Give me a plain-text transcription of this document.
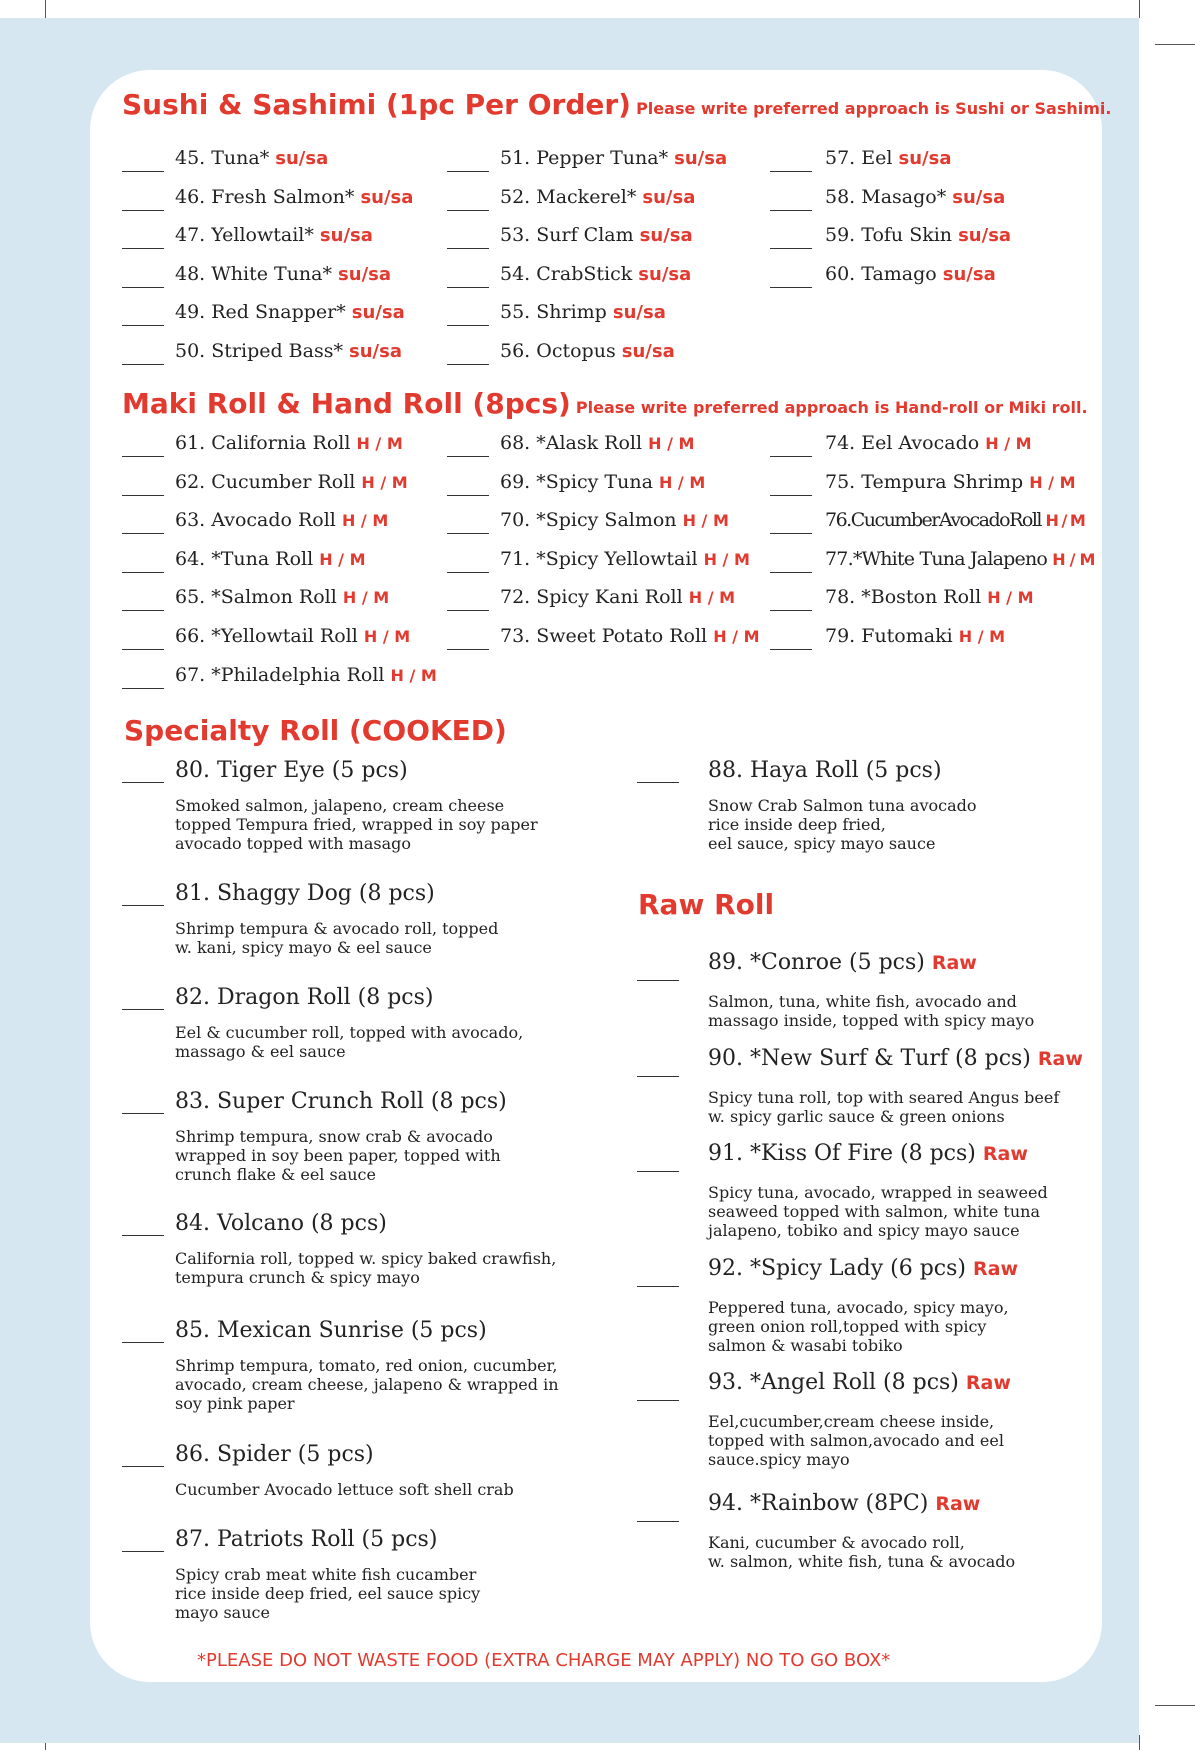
Sushi & Sashimi (1pc Per Order) Please write preferred approach is Sushi or Sashimi.
Maki Roll & Hand Roll (8pcs) Please write preferred approach is Hand-roll or Miki roll.
Specialty Roll (COOKED)
Raw Roll
*PLEASE DO NOT WASTE FOOD (EXTRA CHARGE MAY APPLY) NO TO GO BOX*
45. Tuna* su/sa
46. Fresh Salmon* su/sa
47. Yellowtail* su/sa
48. White Tuna* su/sa
49. Red Snapper* su/sa
50. Striped Bass* su/sa
51. Pepper Tuna* su/sa
52. Mackerel* su/sa
53. Surf Clam su/sa
54. CrabStick su/sa
55. Shrimp su/sa
56. Octopus su/sa
57. Eel su/sa
58. Masago* su/sa
59. Tofu Skin su/sa
60. Tamago su/sa
61. California Roll H / M
62. Cucumber Roll H / M
63. Avocado Roll H / M
64. *Tuna Roll H / M
65. *Salmon Roll H / M
66. *Yellowtail Roll H / M
67. *Philadelphia Roll H / M
68. *Alask Roll H / M
69. *Spicy Tuna H / M
70. *Spicy Salmon H / M
71. *Spicy Yellowtail H / M
72. Spicy Kani Roll H / M
73. Sweet Potato Roll H / M
74. Eel Avocado H / M
75. Tempura Shrimp H / M
76.CucumberAvocadoRoll H / M
77.*White Tuna Jalapeno H / M
78. *Boston Roll H / M
79. Futomaki H / M
80. Tiger Eye (5 pcs)
Smoked salmon, jalapeno, cream cheese
topped Tempura fried, wrapped in soy paper
avocado topped with masago
81. Shaggy Dog (8 pcs)
Shrimp tempura & avocado roll, topped
w. kani, spicy mayo & eel sauce
82. Dragon Roll (8 pcs)
Eel & cucumber roll, topped with avocado,
massago & eel sauce
83. Super Crunch Roll (8 pcs)
Shrimp tempura, snow crab & avocado
wrapped in soy been paper, topped with
crunch flake & eel sauce
84. Volcano (8 pcs)
California roll, topped w. spicy baked crawfish,
tempura crunch & spicy mayo
85. Mexican Sunrise (5 pcs)
Shrimp tempura, tomato, red onion, cucumber,
avocado, cream cheese, jalapeno & wrapped in
soy pink paper
86. Spider (5 pcs)
Cucumber Avocado lettuce soft shell crab
87. Patriots Roll (5 pcs)
Spicy crab meat white fish cucamber
rice inside deep fried, eel sauce spicy
mayo sauce
88. Haya Roll (5 pcs)
Snow Crab Salmon tuna avocado
rice inside deep fried,
eel sauce, spicy mayo sauce
89. *Conroe (5 pcs) Raw
Salmon, tuna, white fish, avocado and
massago inside, topped with spicy mayo
90. *New Surf & Turf (8 pcs) Raw
Spicy tuna roll, top with seared Angus beef
w. spicy garlic sauce & green onions
91. *Kiss Of Fire (8 pcs) Raw
Spicy tuna, avocado, wrapped in seaweed
seaweed topped with salmon, white tuna
jalapeno, tobiko and spicy mayo sauce
92. *Spicy Lady (6 pcs) Raw
Peppered tuna, avocado, spicy mayo,
green onion roll,topped with spicy
salmon & wasabi tobiko
93. *Angel Roll (8 pcs) Raw
Eel,cucumber,cream cheese inside,
topped with salmon,avocado and eel
sauce.spicy mayo
94. *Rainbow (8PC) Raw
Kani, cucumber & avocado roll,
w. salmon, white fish, tuna & avocado
